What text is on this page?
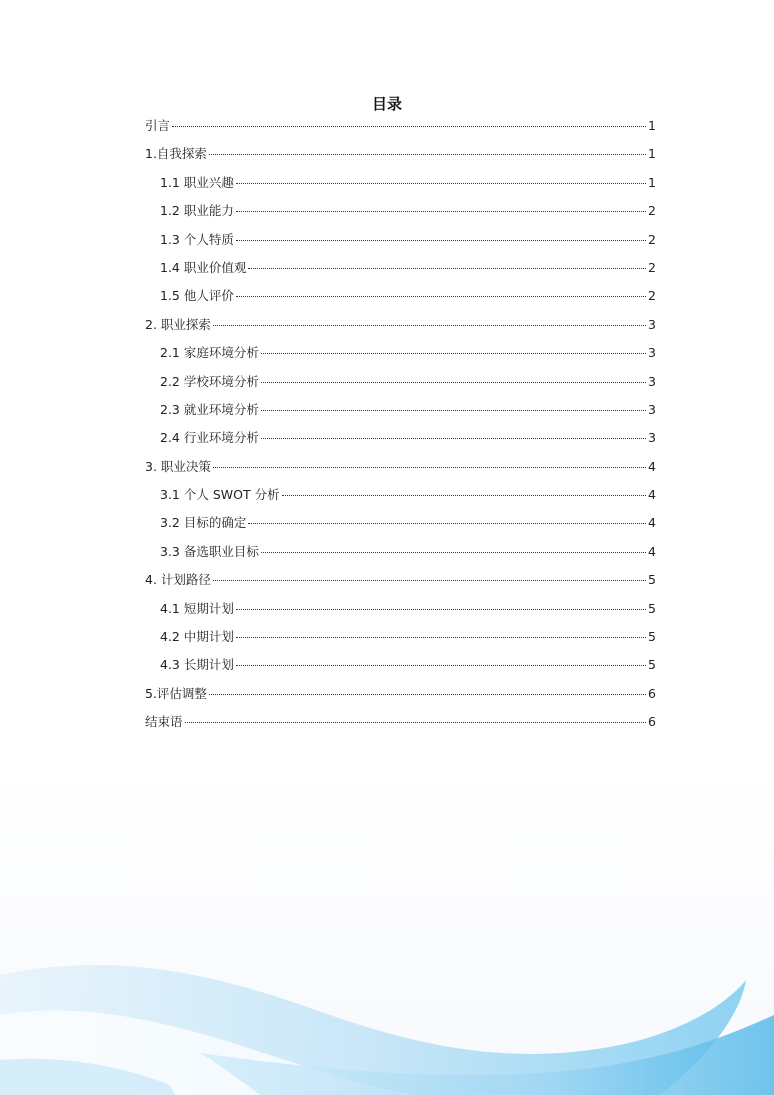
目录
引言	1
1.自我探索	1
1.1 职业兴趣	1
1.2 职业能力	2
1.3 个人特质	2
1.4 职业价值观	2
1.5 他人评价	2
2. 职业探索	3
2.1 家庭环境分析	3
2.2 学校环境分析	3
2.3 就业环境分析	3
2.4 行业环境分析	3
3. 职业决策	4
3.1 个人 SWOT 分析	4
3.2 目标的确定	4
3.3 备选职业目标	4
4. 计划路径	5
4.1 短期计划	5
4.2 中期计划	5
4.3 长期计划	5
5.评估调整	6
结束语	6
